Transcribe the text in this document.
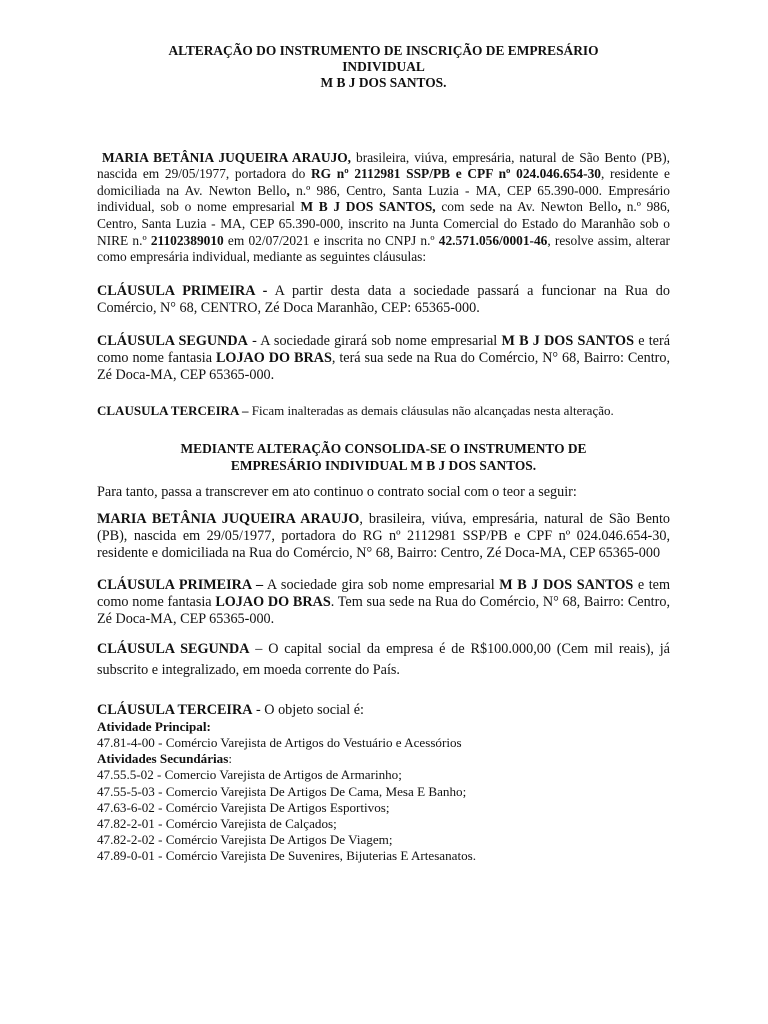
ALTERAÇÃO DO INSTRUMENTO DE INSCRIÇÃO DE EMPRESÁRIO
INDIVIDUAL
M B J DOS SANTOS.

MARIA BETÂNIA JUQUEIRA ARAUJO, brasileira, viúva, empresária, natural de São Bento (PB), nascida em 29/05/1977, portadora do RG nº 2112981 SSP/PB e CPF nº 024.046.654-30, residente e domiciliada na Av. Newton Bello, n.º 986, Centro, Santa Luzia - MA, CEP 65.390-000. Empresário individual, sob o nome empresarial M B J DOS SANTOS, com sede na Av. Newton Bello, n.º 986, Centro, Santa Luzia - MA, CEP 65.390-000, inscrito na Junta Comercial do Estado do Maranhão sob o NIRE n.º 21102389010 em 02/07/2021 e inscrita no CNPJ n.º 42.571.056/0001-46, resolve assim, alterar como empresária individual, mediante as seguintes cláusulas:

CLÁUSULA PRIMEIRA - A partir desta data a sociedade passará a funcionar na Rua do Comércio, N° 68, CENTRO, Zé Doca Maranhão, CEP: 65365-000.

CLÁUSULA SEGUNDA - A sociedade girará sob nome empresarial M B J DOS SANTOS e terá como nome fantasia LOJAO DO BRAS, terá sua sede na Rua do Comércio, N° 68, Bairro: Centro, Zé Doca-MA, CEP 65365-000.

CLAUSULA TERCEIRA – Ficam inalteradas as demais cláusulas não alcançadas nesta alteração.

MEDIANTE ALTERAÇÃO CONSOLIDA-SE O INSTRUMENTO DE
EMPRESÁRIO INDIVIDUAL M B J DOS SANTOS.

Para tanto, passa a transcrever em ato continuo o contrato social com o teor a seguir:

MARIA BETÂNIA JUQUEIRA ARAUJO, brasileira, viúva, empresária, natural de São Bento (PB), nascida em 29/05/1977, portadora do RG nº 2112981 SSP/PB e CPF nº 024.046.654-30, residente e domiciliada na Rua do Comércio, N° 68, Bairro: Centro, Zé Doca-MA, CEP 65365-000

CLÁUSULA PRIMEIRA – A sociedade gira sob nome empresarial M B J DOS SANTOS e tem como nome fantasia LOJAO DO BRAS. Tem sua sede na Rua do Comércio, N° 68, Bairro: Centro, Zé Doca-MA, CEP 65365-000.

CLÁUSULA SEGUNDA – O capital social da empresa é de R$100.000,00 (Cem mil reais), já subscrito e integralizado, em moeda corrente do País.

CLÁUSULA TERCEIRA - O objeto social é:

Atividade Principal:
47.81-4-00 - Comércio Varejista de Artigos do Vestuário e Acessórios
Atividades Secundárias:
47.55.5-02 - Comercio Varejista de Artigos de Armarinho;
47.55-5-03 - Comercio Varejista De Artigos De Cama, Mesa E Banho;
47.63-6-02 - Comércio Varejista De Artigos Esportivos;
47.82-2-01 - Comércio Varejista de Calçados;
47.82-2-02 - Comércio Varejista De Artigos De Viagem;
47.89-0-01 - Comércio Varejista De Suvenires, Bijuterias E Artesanatos.
